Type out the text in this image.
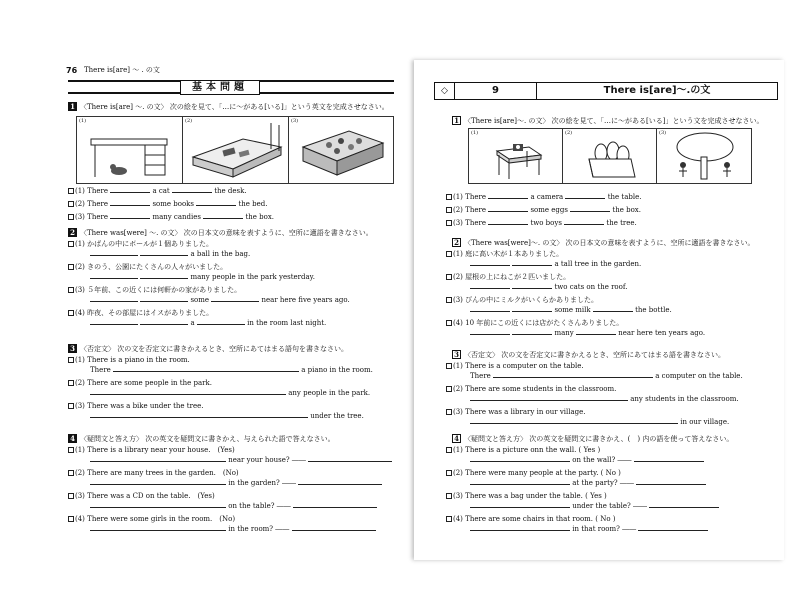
76 There is[are] ～ . の文
基本問題
1 〈There is[are] ～. の文〉 次の絵を見て、「…に～がある[いる]」という英文を完成させなさい。
(1)	(2)	(3)
(1) There	a cat	the desk.
(2) There	some books	the bed.
(3) There	many candies	the box.
2 〈There was[were] ～. の文〉 次の日本文の意味を表すように、空所に適語を書きなさい。
(1) かばんの中にボールが１個ありました。
a ball in the bag.
(2) きのう、公園にたくさんの人々がいました。
many people in the park yesterday.
(3) ５年前、この近くには何軒かの家がありました。
some	near here five years ago.
(4) 昨夜、その部屋にはイスがありました。
a	in the room last night.
3 〈否定文〉 次の文を否定文に書きかえるとき、空所にあてはまる語句を書きなさい。
(1) There is a piano in the room.
There	a piano in the room.
(2) There are some people in the park.
any people in the park.
(3) There was a bike under the tree.
under the tree.
4 〈疑問文と答え方〉 次の英文を疑問文に書きかえ、与えられた語で答えなさい。
(1) There is a library near your house.　(Yes)
near your house? ――
(2) There are many trees in the garden.　(No)
in the garden? ――
(3) There was a CD on the table.　(Yes)
on the table? ――
(4) There were some girls in the room.　(No)
in the room? ――
◇	9	There is[are]～.の文
1 〈There is[are]～. の文〉 次の絵を見て、「…に～がある[いる]」という文を完成させなさい。
(1)	(2)	(3)
(1) There	a camera	the table.
(2) There	some eggs	the box.
(3) There	two boys	the tree.
2 〈There was[were]～. の文〉 次の日本文の意味を表すように、空所に適語を書きなさい。
(1) 庭に高い木が１本ありました。
a tall tree in the garden.
(2) 屋根の上にねこが２匹いました。
two cats on the roof.
(3) びんの中にミルクがいくらかありました。
some milk	the bottle.
(4) 10 年前にこの近くには店がたくさんありました。
many	near here ten years ago.
3 〈否定文〉 次の文を否定文に書きかえるとき、空所にあてはまる語を書きなさい。
(1) There is a computer on the table.
There	a computer on the table.
(2) There are some students in the classroom.
any students in the classroom.
(3) There was a library in our village.
in our village.
4 〈疑問文と答え方〉 次の英文を疑問文に書きかえ、(　) 内の語を使って答えなさい。
(1) There is a picture onn the wall. ( Yes )
on the wall? ――
(2) There were many people at the party. ( No )
at the party? ――
(3) There was a bag under the table. ( Yes )
under the table? ――
(4) There are some chairs in that room. ( No )
in that room? ――
